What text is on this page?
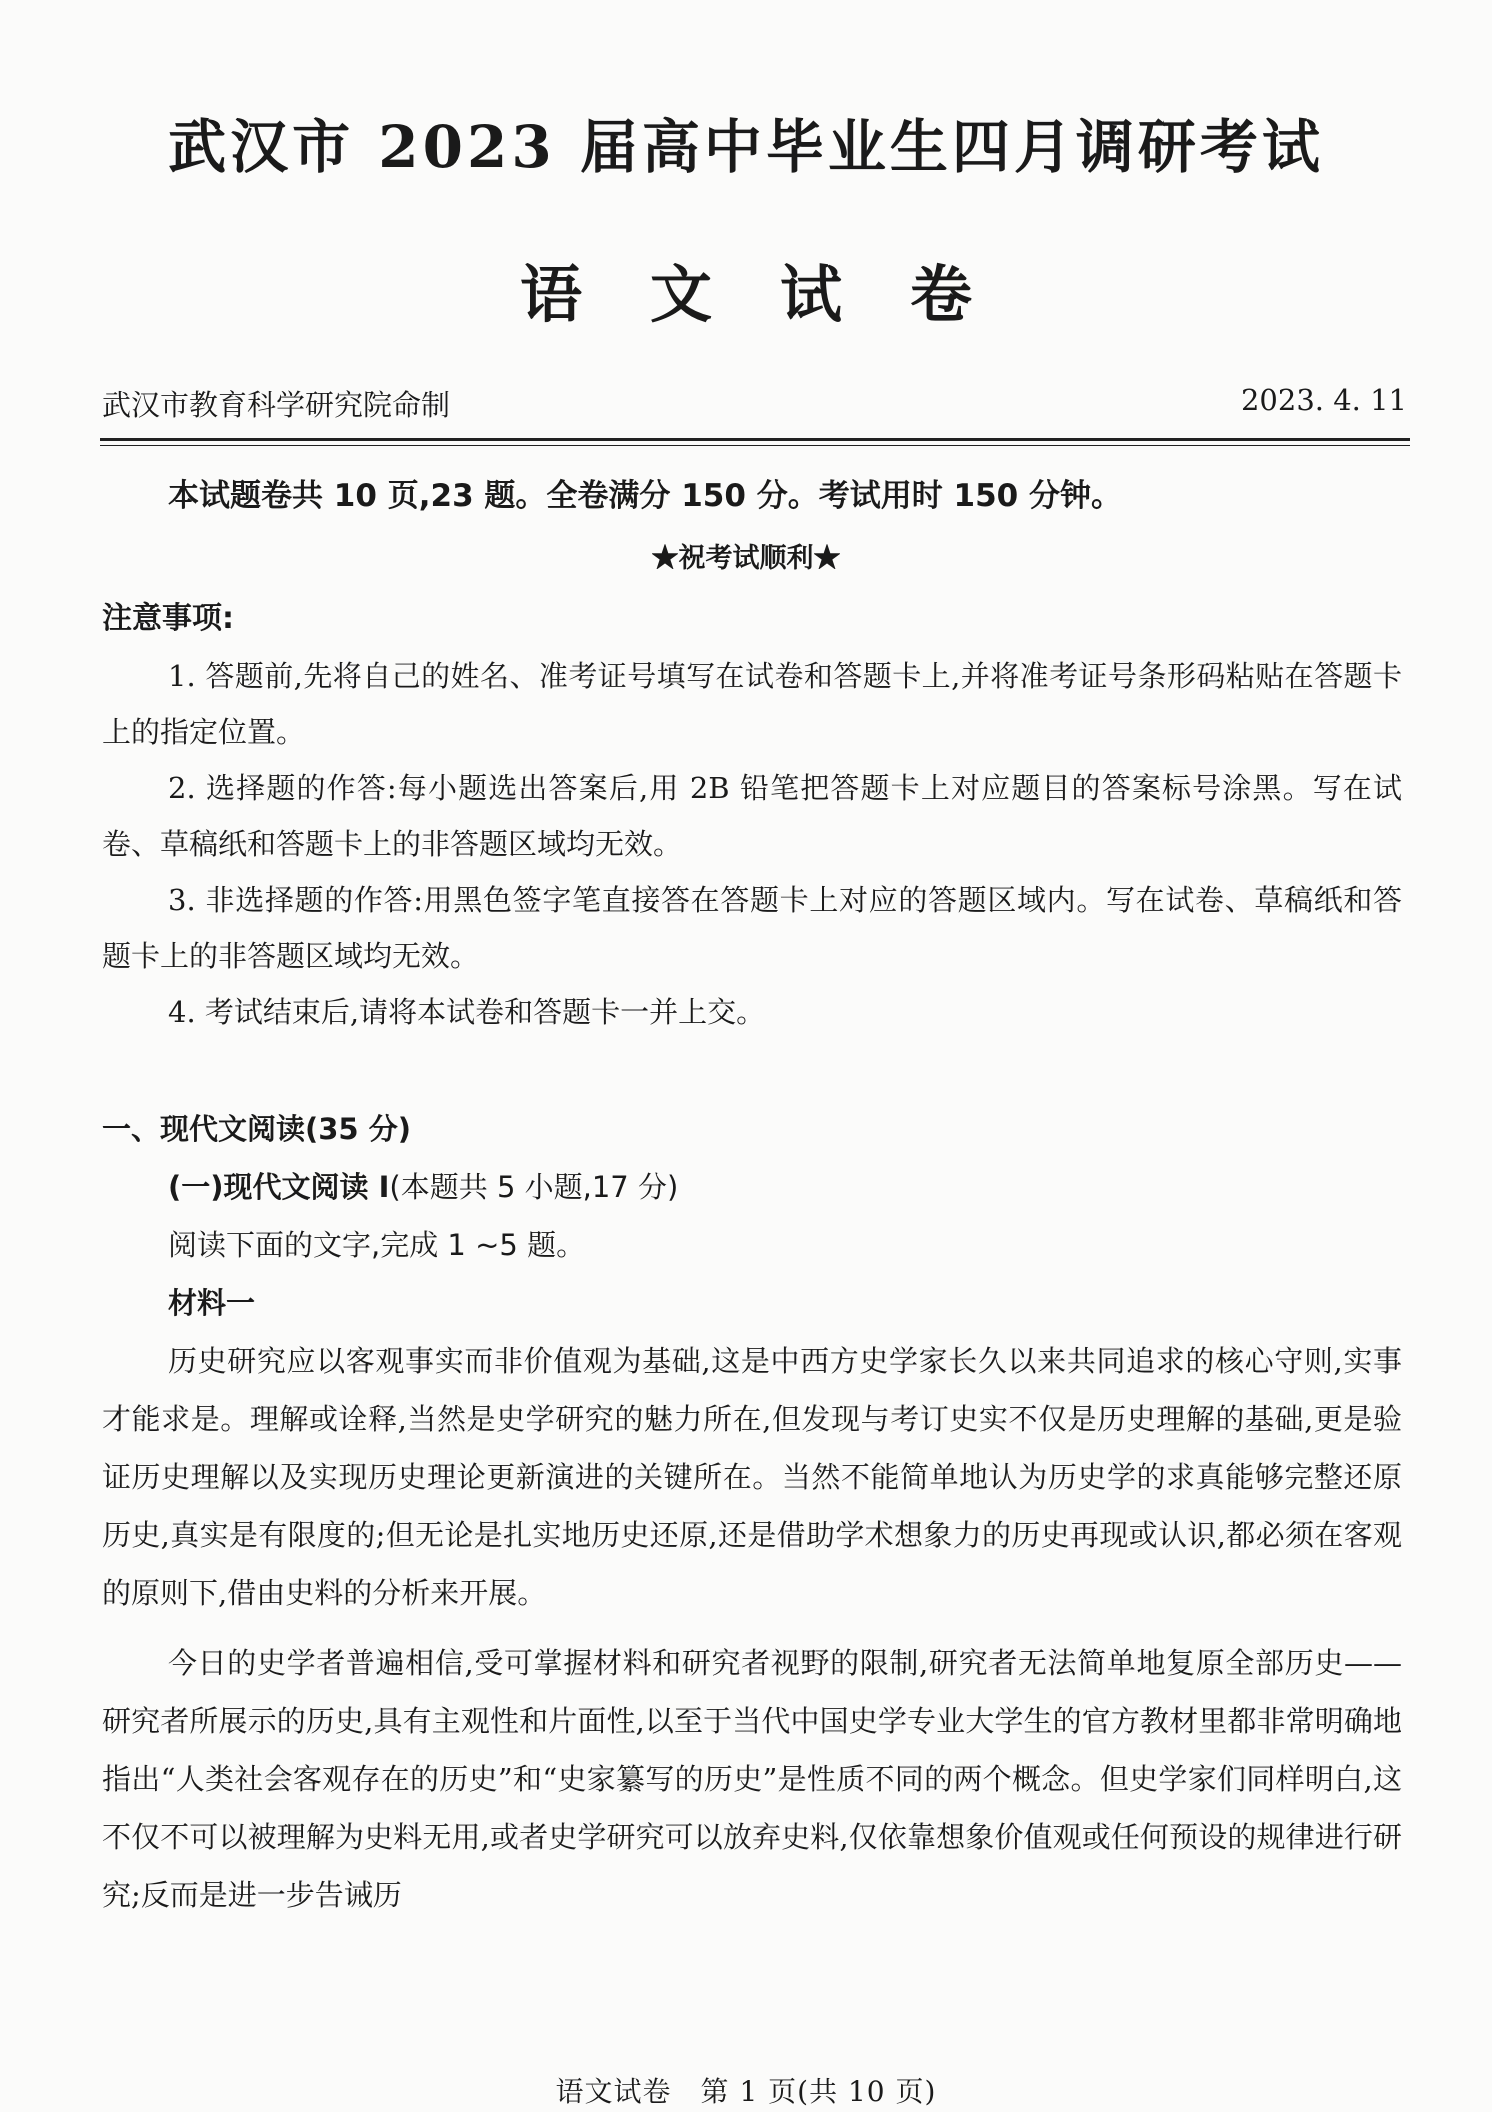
武汉市 2023 届高中毕业生四月调研考试
语文试卷
武汉市教育科学研究院命制	2023. 4. 11
本试题卷共 10 页,23 题。全卷满分 150 分。考试用时 150 分钟。
★祝考试顺利★
注意事项:

1. 答题前,先将自己的姓名、准考证号填写在试卷和答题卡上,并将准考证号条形码粘贴在答题卡上的指定位置。

2. 选择题的作答:每小题选出答案后,用 2B 铅笔把答题卡上对应题目的答案标号涂黑。写在试卷、草稿纸和答题卡上的非答题区域均无效。

3. 非选择题的作答:用黑色签字笔直接答在答题卡上对应的答题区域内。写在试卷、草稿纸和答题卡上的非答题区域均无效。

4. 考试结束后,请将本试卷和答题卡一并上交。

一、现代文阅读(35 分)
(一)现代文阅读 Ⅰ(本题共 5 小题,17 分)
阅读下面的文字,完成 1 ~5 题。
材料一

历史研究应以客观事实而非价值观为基础,这是中西方史学家长久以来共同追求的核心守则,实事才能求是。理解或诠释,当然是史学研究的魅力所在,但发现与考订史实不仅是历史理解的基础,更是验证历史理解以及实现历史理论更新演进的关键所在。当然不能简单地认为历史学的求真能够完整还原历史,真实是有限度的;但无论是扎实地历史还原,还是借助学术想象力的历史再现或认识,都必须在客观的原则下,借由史料的分析来开展。

今日的史学者普遍相信,受可掌握材料和研究者视野的限制,研究者无法简单地复原全部历史——研究者所展示的历史,具有主观性和片面性,以至于当代中国史学专业大学生的官方教材里都非常明确地指出“人类社会客观存在的历史”和“史家纂写的历史”是性质不同的两个概念。但史学家们同样明白,这不仅不可以被理解为史料无用,或者史学研究可以放弃史料,仅依靠想象价值观或任何预设的规律进行研究;反而是进一步告诫历

语文试卷　第 1 页(共 10 页)
